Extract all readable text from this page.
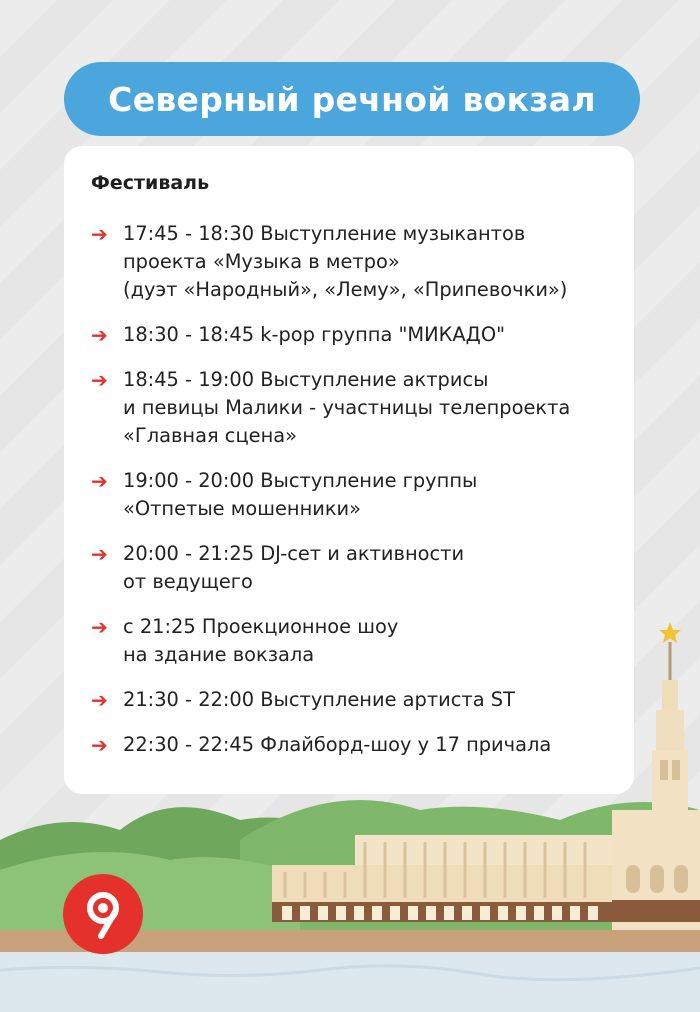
Северный речной вокзал
Фестиваль
➔ 17:45 - 18:30 Выступление музыкантов
проекта «Музыка в метро»
(дуэт «Народный», «Лему», «Припевочки»)
➔ 18:30 - 18:45 k-pop группа "МИКАДО"
➔ 18:45 - 19:00 Выступление актрисы
и певицы Малики - участницы телепроекта
«Главная сцена»
➔ 19:00 - 20:00 Выступление группы
«Отпетые мошенники»
➔ 20:00 - 21:25 DJ-сет и активности
от ведущего
➔ с 21:25 Проекционное шоу
на здание вокзала
➔ 21:30 - 22:00 Выступление артиста ST
➔ 22:30 - 22:45 Флайборд-шоу у 17 причала
